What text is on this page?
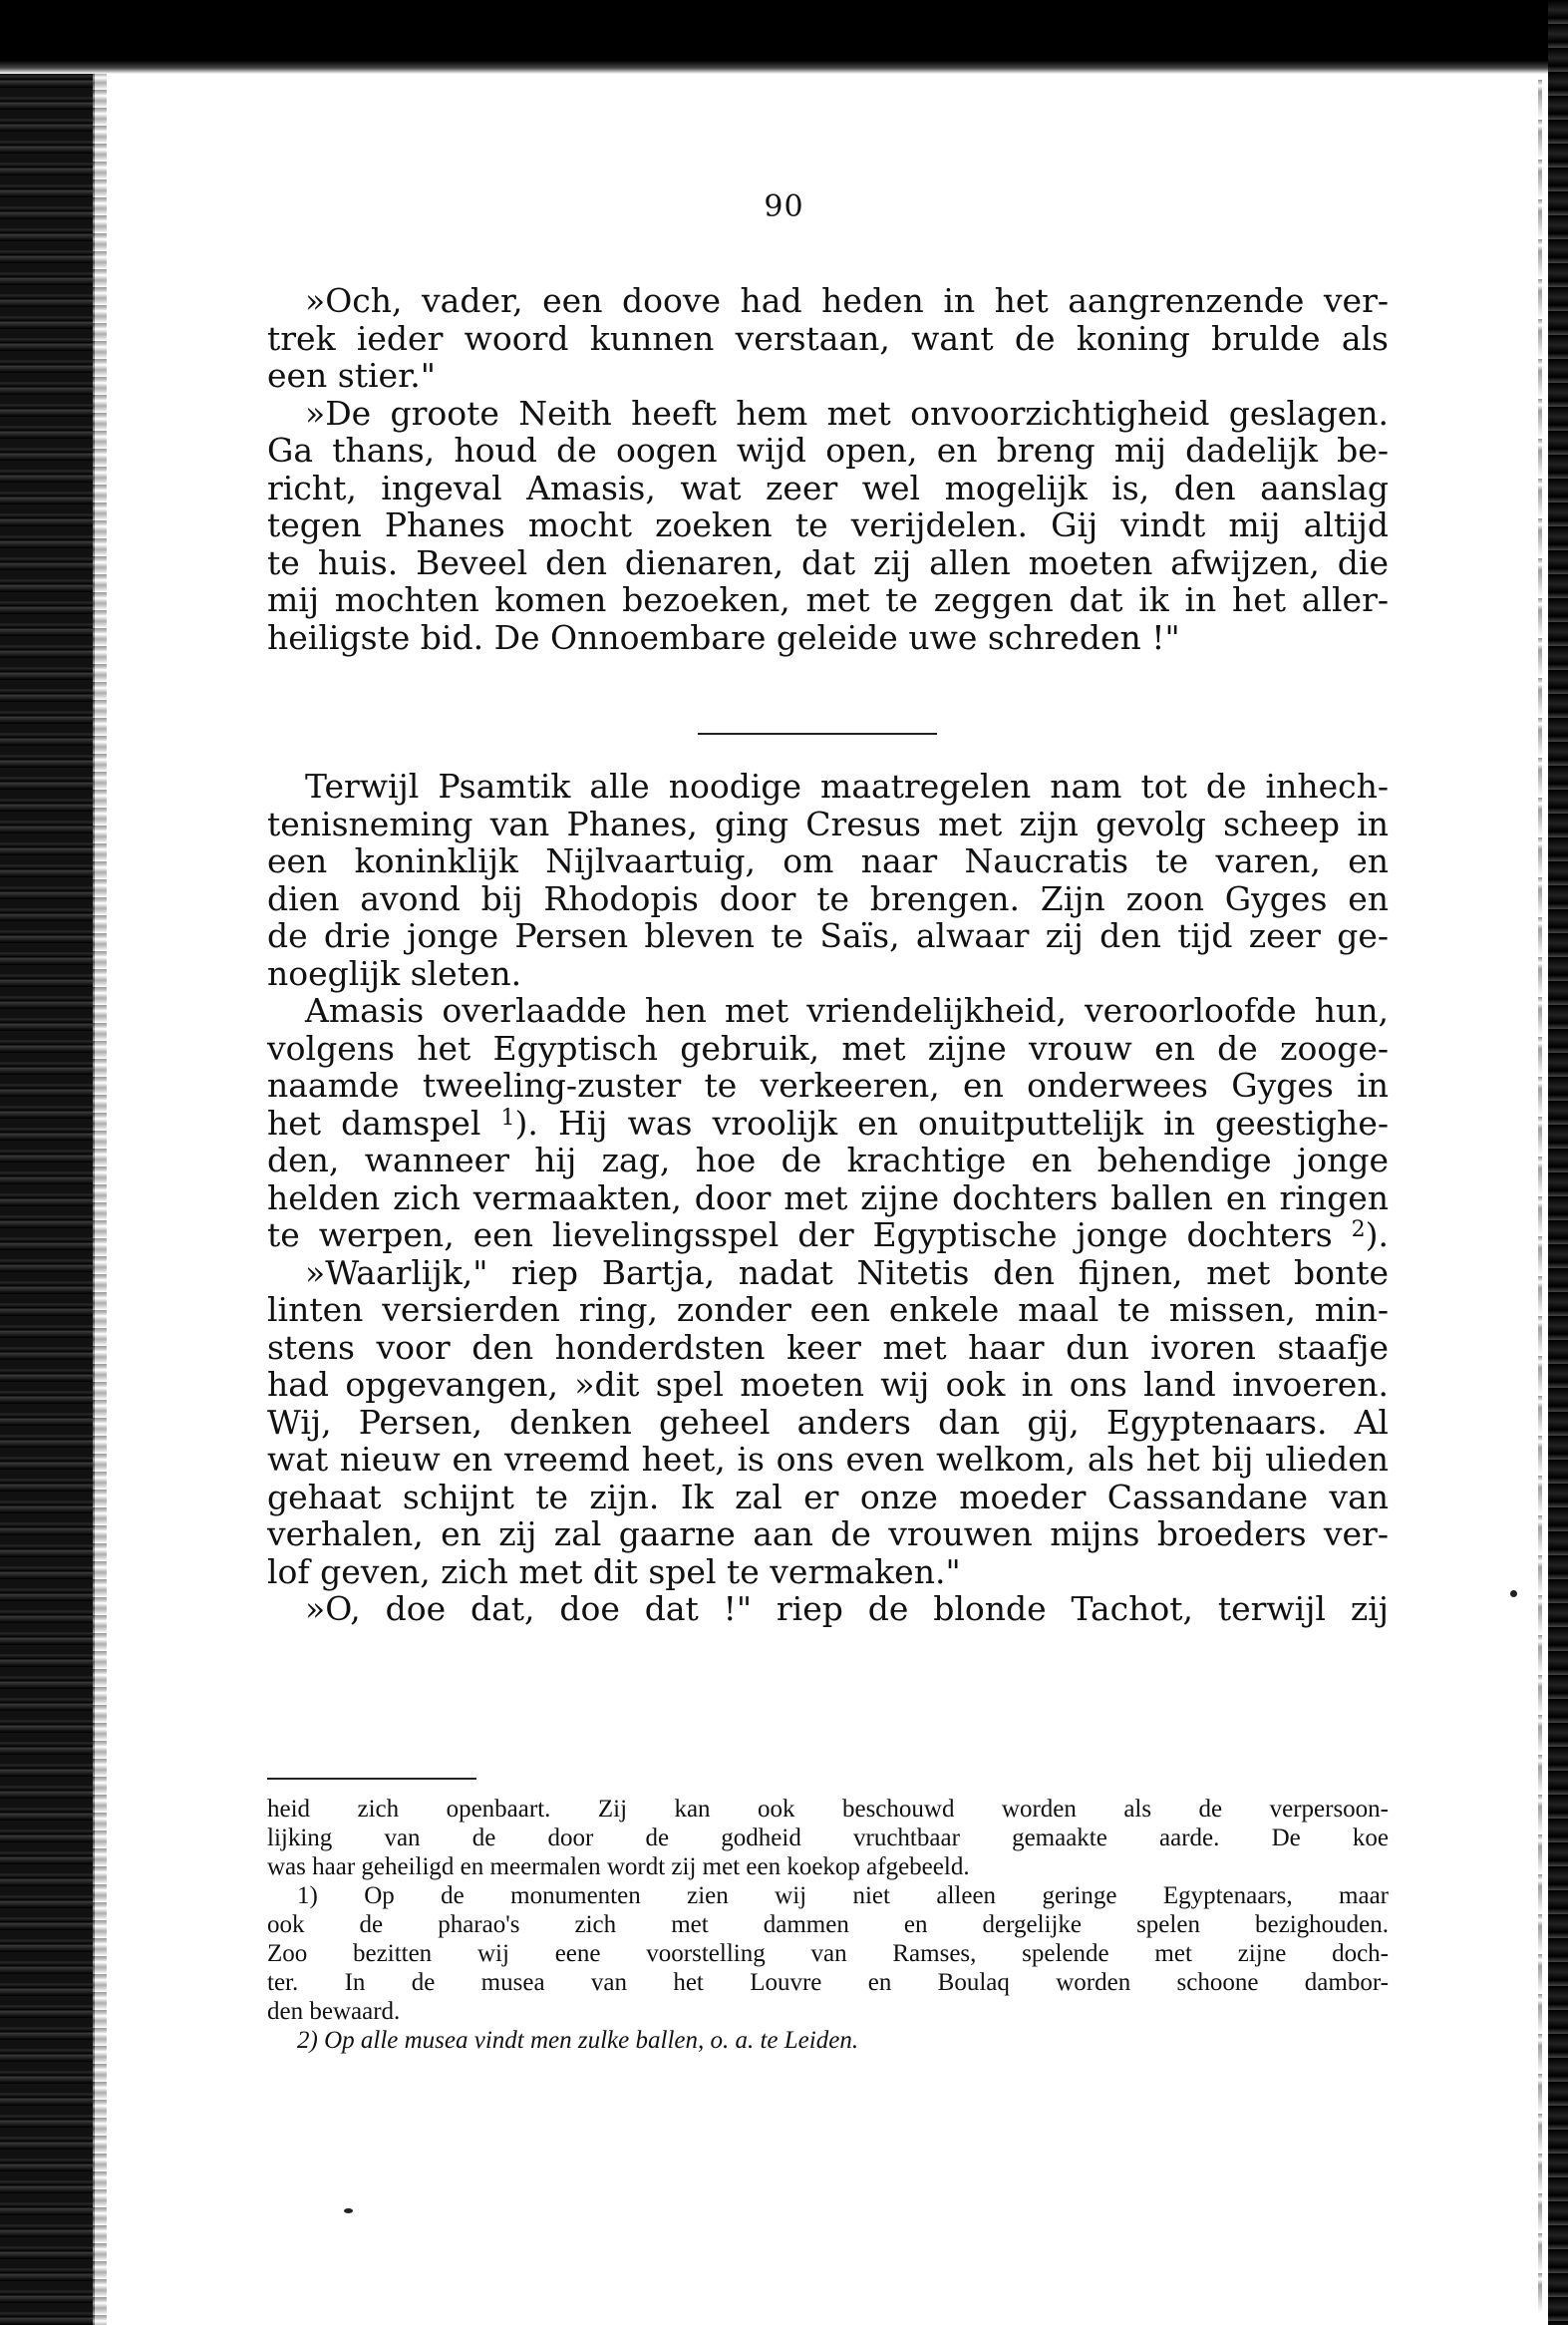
90
»Och, vader, een doove had heden in het aangrenzende ver-
trek ieder woord kunnen verstaan, want de koning brulde als
een stier."
»De groote Neith heeft hem met onvoorzichtigheid geslagen.
Ga thans, houd de oogen wijd open, en breng mij dadelijk be-
richt, ingeval Amasis, wat zeer wel mogelijk is, den aanslag
tegen Phanes mocht zoeken te verijdelen. Gij vindt mij altijd
te huis. Beveel den dienaren, dat zij allen moeten afwijzen, die
mij mochten komen bezoeken, met te zeggen dat ik in het aller-
heiligste bid. De Onnoembare geleide uwe schreden !"
Terwijl Psamtik alle noodige maatregelen nam tot de inhech-
tenisneming van Phanes, ging Cresus met zijn gevolg scheep in
een koninklijk Nijlvaartuig, om naar Naucratis te varen, en
dien avond bij Rhodopis door te brengen. Zijn zoon Gyges en
de drie jonge Persen bleven te Saïs, alwaar zij den tijd zeer ge-
noeglijk sleten.
Amasis overlaadde hen met vriendelijkheid, veroorloofde hun,
volgens het Egyptisch gebruik, met zijne vrouw en de zooge-
naamde tweeling-zuster te verkeeren, en onderwees Gyges in
het damspel $^1$). Hij was vroolijk en onuitputtelijk in geestighe-
den, wanneer hij zag, hoe de krachtige en behendige jonge
helden zich vermaakten, door met zijne dochters ballen en ringen
te werpen, een lievelingsspel der Egyptische jonge dochters $^2$).
»Waarlijk," riep Bartja, nadat Nitetis den fijnen, met bonte
linten versierden ring, zonder een enkele maal te missen, min-
stens voor den honderdsten keer met haar dun ivoren staafje
had opgevangen, »dit spel moeten wij ook in ons land invoeren.
Wij, Persen, denken geheel anders dan gij, Egyptenaars. Al
wat nieuw en vreemd heet, is ons even welkom, als het bij ulieden
gehaat schijnt te zijn. Ik zal er onze moeder Cassandane van
verhalen, en zij zal gaarne aan de vrouwen mijns broeders ver-
lof geven, zich met dit spel te vermaken."
»O, doe dat, doe dat !" riep de blonde Tachot, terwijl zij
heid zich openbaart. Zij kan ook beschouwd worden als de verpersoon-
lijking van de door de godheid vruchtbaar gemaakte aarde. De koe
was haar geheiligd en meermalen wordt zij met een koekop afgebeeld.
1) Op de monumenten zien wij niet alleen geringe Egyptenaars, maar
ook de pharao's zich met dammen en dergelijke spelen bezighouden.
Zoo bezitten wij eene voorstelling van Ramses, spelende met zijne doch-
ter. In de musea van het Louvre en Boulaq worden schoone dambor-
den bewaard.
2) Op alle musea vindt men zulke ballen, o. a. te Leiden.
